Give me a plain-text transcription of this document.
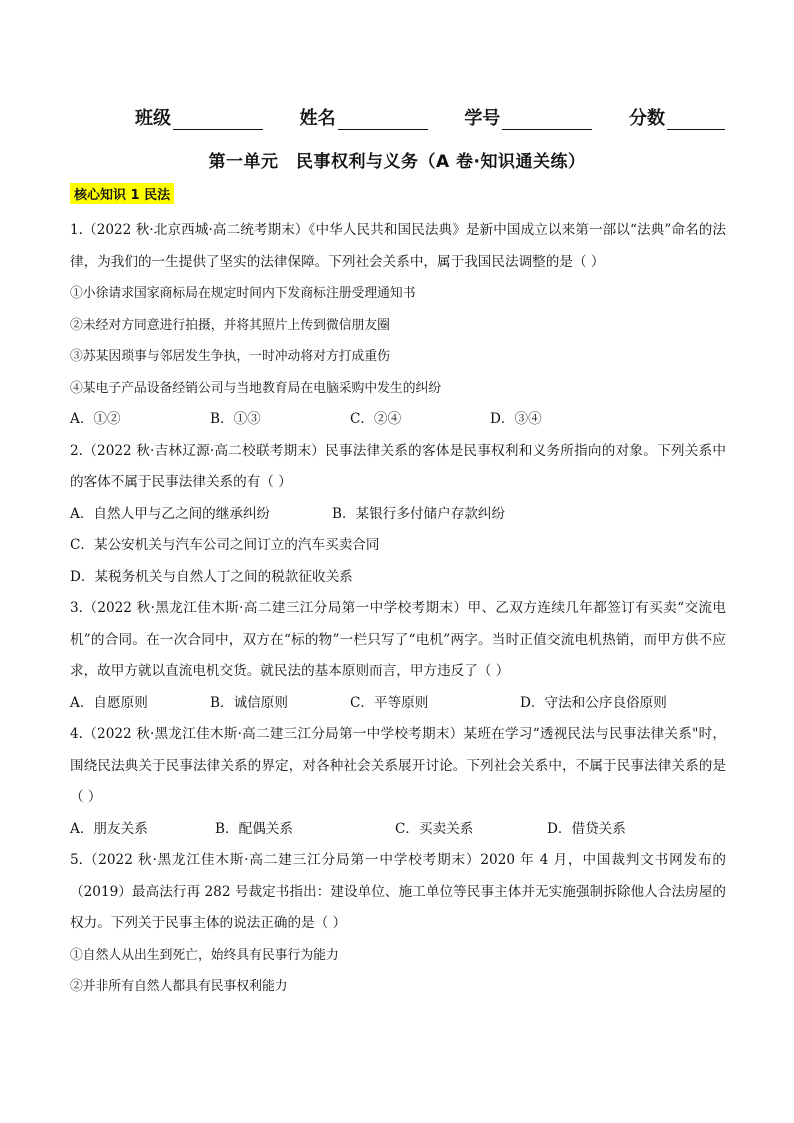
班级	姓名	学号	分数
第一单元　民事权利与义务（A 卷·知识通关练）
核心知识 1 民法

1.（2022 秋·北京西城·高二统考期末）《中华人民共和国民法典》是新中国成立以来第一部以“法典”命名的法律，为我们的一生提供了坚实的法律保障。下列社会关系中，属于我国民法调整的是（ ）

①小徐请求国家商标局在规定时间内下发商标注册受理通知书

②未经对方同意进行拍摄，并将其照片上传到微信朋友圈

③苏某因琐事与邻居发生争执，一时冲动将对方打成重伤

④某电子产品设备经销公司与当地教育局在电脑采购中发生的纠纷

A．①②	B．①③	C．②④	D．③④

2.（2022 秋·吉林辽源·高二校联考期末）民事法律关系的客体是民事权利和义务所指向的对象。下列关系中的客体不属于民事法律关系的有（ ）

A．自然人甲与乙之间的继承纠纷	B．某银行多付储户存款纠纷

C．某公安机关与汽车公司之间订立的汽车买卖合同

D．某税务机关与自然人丁之间的税款征收关系

3.（2022 秋·黑龙江佳木斯·高二建三江分局第一中学校考期末）甲、乙双方连续几年都签订有买卖“交流电机”的合同。在一次合同中，双方在“标的物”一栏只写了“电机”两字。当时正值交流电机热销，而甲方供不应求，故甲方就以直流电机交货。就民法的基本原则而言，甲方违反了（ ）

A．自愿原则	B．诚信原则	C．平等原则	D．守法和公序良俗原则

4.（2022 秋·黑龙江佳木斯·高二建三江分局第一中学校考期末）某班在学习“透视民法与民事法律关系"时，围绕民法典关于民事法律关系的界定，对各种社会关系展开讨论。下列社会关系中，不属于民事法律关系的是（ ）

A．朋友关系	B．配偶关系	C．买卖关系	D．借贷关系

5.（2022 秋·黑龙江佳木斯·高二建三江分局第一中学校考期末）2020 年 4 月，中国裁判文书网发布的（2019）最高法行再 282 号裁定书指出：建设单位、施工单位等民事主体并无实施强制拆除他人合法房屋的权力。下列关于民事主体的说法正确的是（ ）

①自然人从出生到死亡，始终具有民事行为能力

②并非所有自然人都具有民事权利能力
